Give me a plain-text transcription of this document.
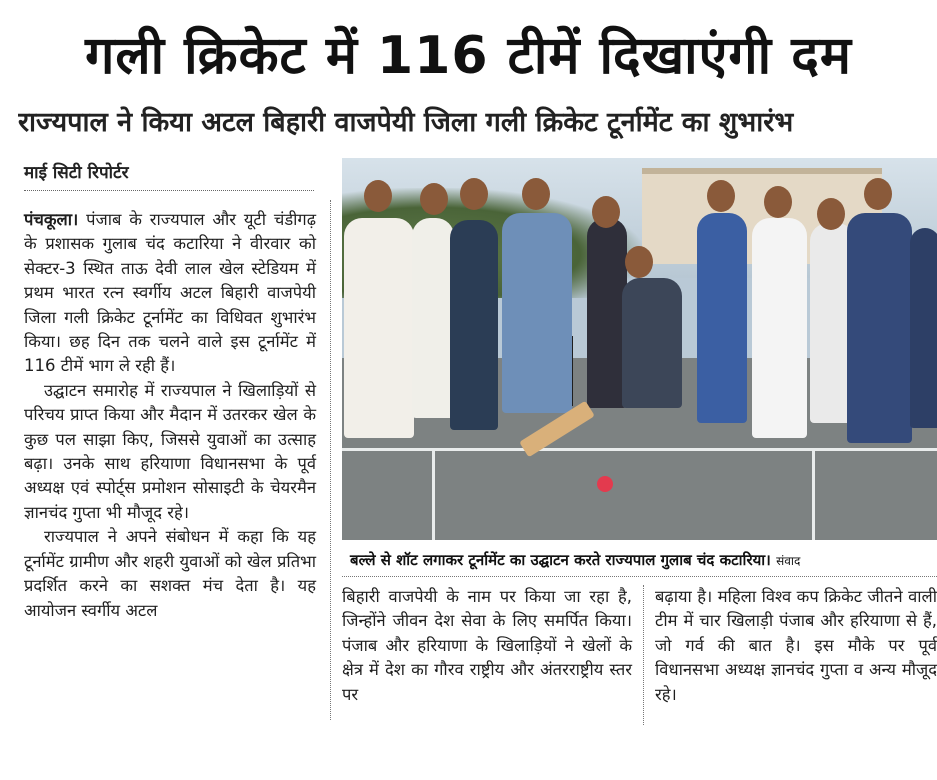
गली क्रिकेट में 116 टीमें दिखाएंगी दम
राज्यपाल ने किया अटल बिहारी वाजपेयी जिला गली क्रिकेट टूर्नामेंट का शुभारंभ
माई सिटी रिपोर्टर

पंचकूला। पंजाब के राज्यपाल और यूटी चंडीगढ़ के प्रशासक गुलाब चंद कटारिया ने वीरवार को सेक्टर-3 स्थित ताऊ देवी लाल खेल स्टेडियम में प्रथम भारत रत्न स्वर्गीय अटल बिहारी वाजपेयी जिला गली क्रिकेट टूर्नामेंट का विधिवत शुभारंभ किया। छह दिन तक चलने वाले इस टूर्नामेंट में 116 टीमें भाग ले रही हैं।

उद्घाटन समारोह में राज्यपाल ने खिलाड़ियों से परिचय प्राप्त किया और मैदान में उतरकर खेल के कुछ पल साझा किए, जिससे युवाओं का उत्साह बढ़ा। उनके साथ हरियाणा विधानसभा के पूर्व अध्यक्ष एवं स्पोर्ट्स प्रमोशन सोसाइटी के चेयरमैन ज्ञानचंद गुप्ता भी मौजूद रहे।

राज्यपाल ने अपने संबोधन में कहा कि यह टूर्नामेंट ग्रामीण और शहरी युवाओं को खेल प्रतिभा प्रदर्शित करने का सशक्त मंच देता है। यह आयोजन स्वर्गीय अटल

बल्ले से शॉट लगाकर टूर्नामेंट का उद्घाटन करते राज्यपाल गुलाब चंद कटारिया। संवाद

बिहारी वाजपेयी के नाम पर किया जा रहा है, जिन्होंने जीवन देश सेवा के लिए समर्पित किया। पंजाब और हरियाणा के खिलाड़ियों ने खेलों के क्षेत्र में देश का गौरव राष्ट्रीय और अंतरराष्ट्रीय स्तर पर

बढ़ाया है। महिला विश्व कप क्रिकेट जीतने वाली टीम में चार खिलाड़ी पंजाब और हरियाणा से हैं, जो गर्व की बात है। इस मौके पर पूर्व विधानसभा अध्यक्ष ज्ञानचंद गुप्ता व अन्य मौजूद रहे।
